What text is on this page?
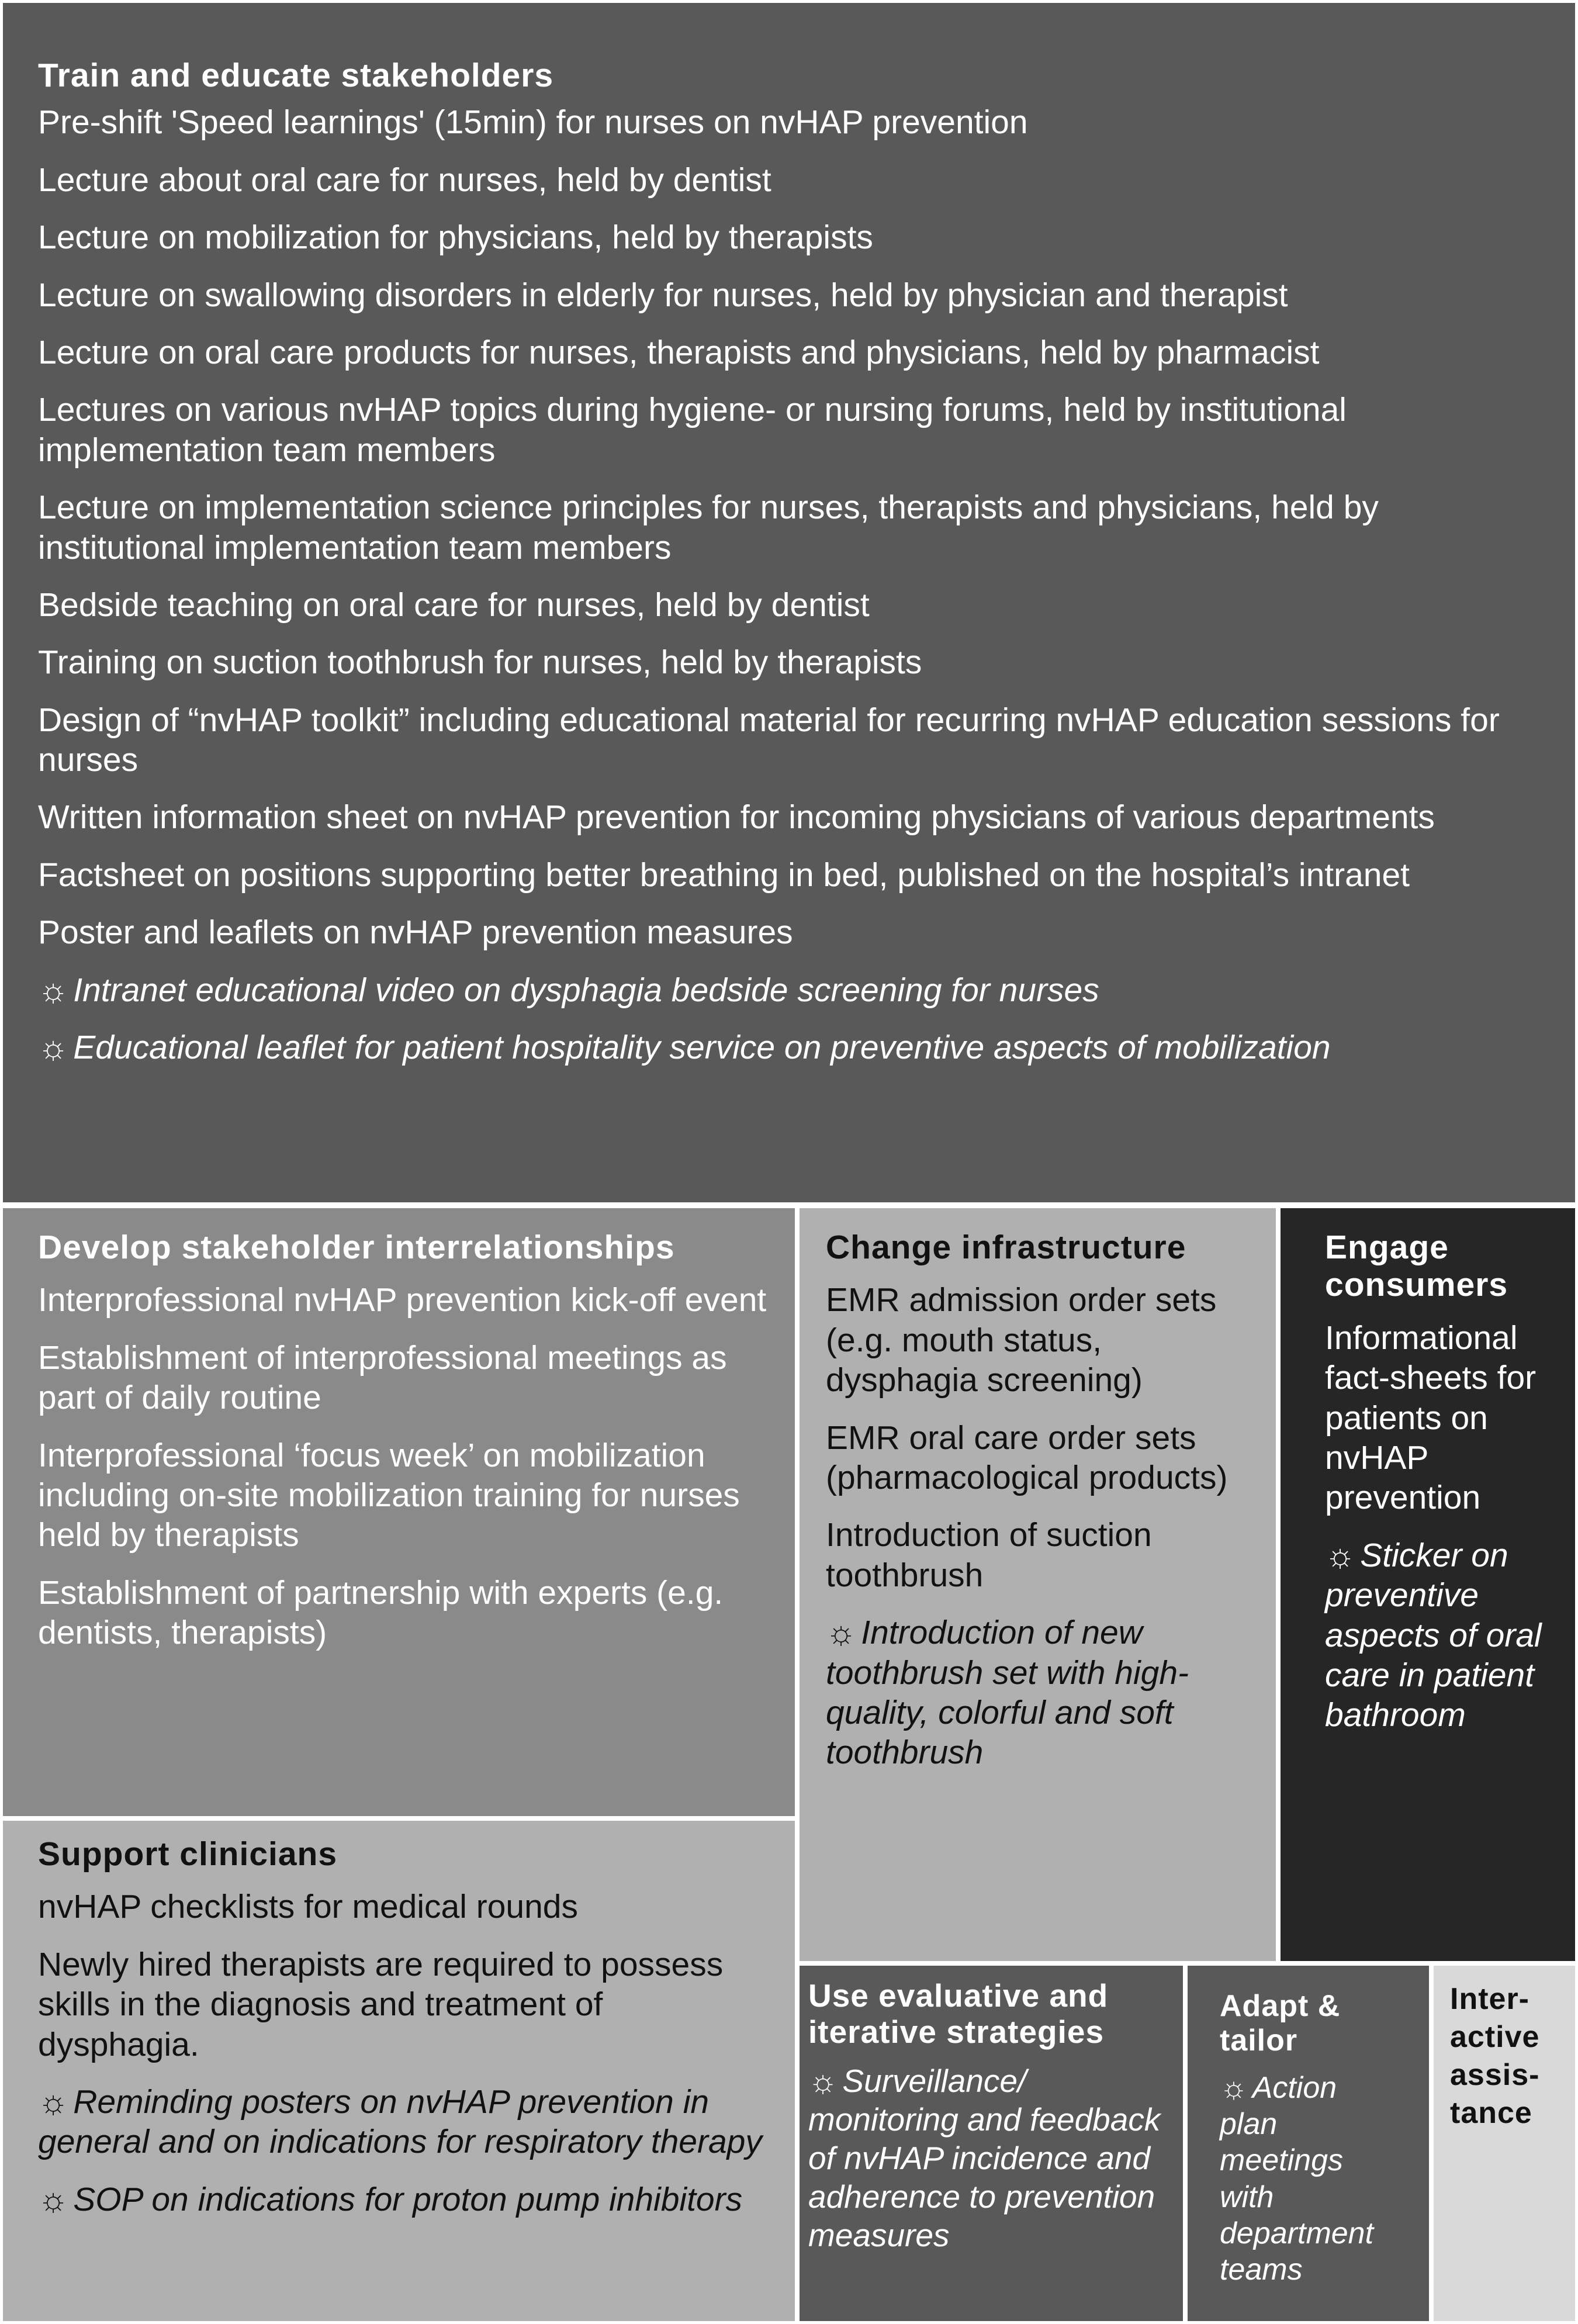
Train and educate stakeholders
Pre-shift 'Speed learnings' (15min) for nurses on nvHAP prevention
Lecture about oral care for nurses, held by dentist
Lecture on mobilization for physicians, held by therapists
Lecture on swallowing disorders in elderly for nurses, held by physician and therapist
Lecture on oral care products for nurses, therapists and physicians, held by pharmacist
Lectures on various nvHAP topics during hygiene- or nursing forums, held by institutional implementation team members
Lecture on implementation science principles for nurses, therapists and physicians, held by institutional implementation team members
Bedside teaching on oral care for nurses, held by dentist
Training on suction toothbrush for nurses, held by therapists
Design of “nvHAP toolkit” including educational material for recurring nvHAP education sessions for nurses
Written information sheet on nvHAP prevention for incoming physicians of various departments
Factsheet on positions supporting better breathing in bed, published on the hospital’s intranet
Poster and leaflets on nvHAP prevention measures
☼ Intranet educational video on dysphagia bedside screening for nurses
☼ Educational leaflet for patient hospitality service on preventive aspects of mobilization
Develop stakeholder interrelationships
Interprofessional nvHAP prevention kick-off event
Establishment of interprofessional meetings as part of daily routine
Interprofessional ‘focus week’ on mobilization including on-site mobilization training for nurses held by therapists
Establishment of partnership with experts (e.g. dentists, therapists)
Change infrastructure
EMR admission order sets (e.g. mouth status, dysphagia screening)
EMR oral care order sets (pharmacological products)
Introduction of suction toothbrush
☼ Introduction of new toothbrush set with high-quality, colorful and soft toothbrush
Engage consumers
Informational fact-sheets for patients on nvHAP prevention
☼ Sticker on preventive aspects of oral care in patient bathroom
Support clinicians
nvHAP checklists for medical rounds
Newly hired therapists are required to possess skills in the diagnosis and treatment of dysphagia.
☼ Reminding posters on nvHAP prevention in general and on indications for respiratory therapy
☼ SOP on indications for proton pump inhibitors
Use evaluative and iterative strategies
☼ Surveillance/ monitoring and feedback of nvHAP incidence and adherence to prevention measures
Adapt & tailor
☼ Action plan meetings with department teams
Inter-
active
assis-
tance
